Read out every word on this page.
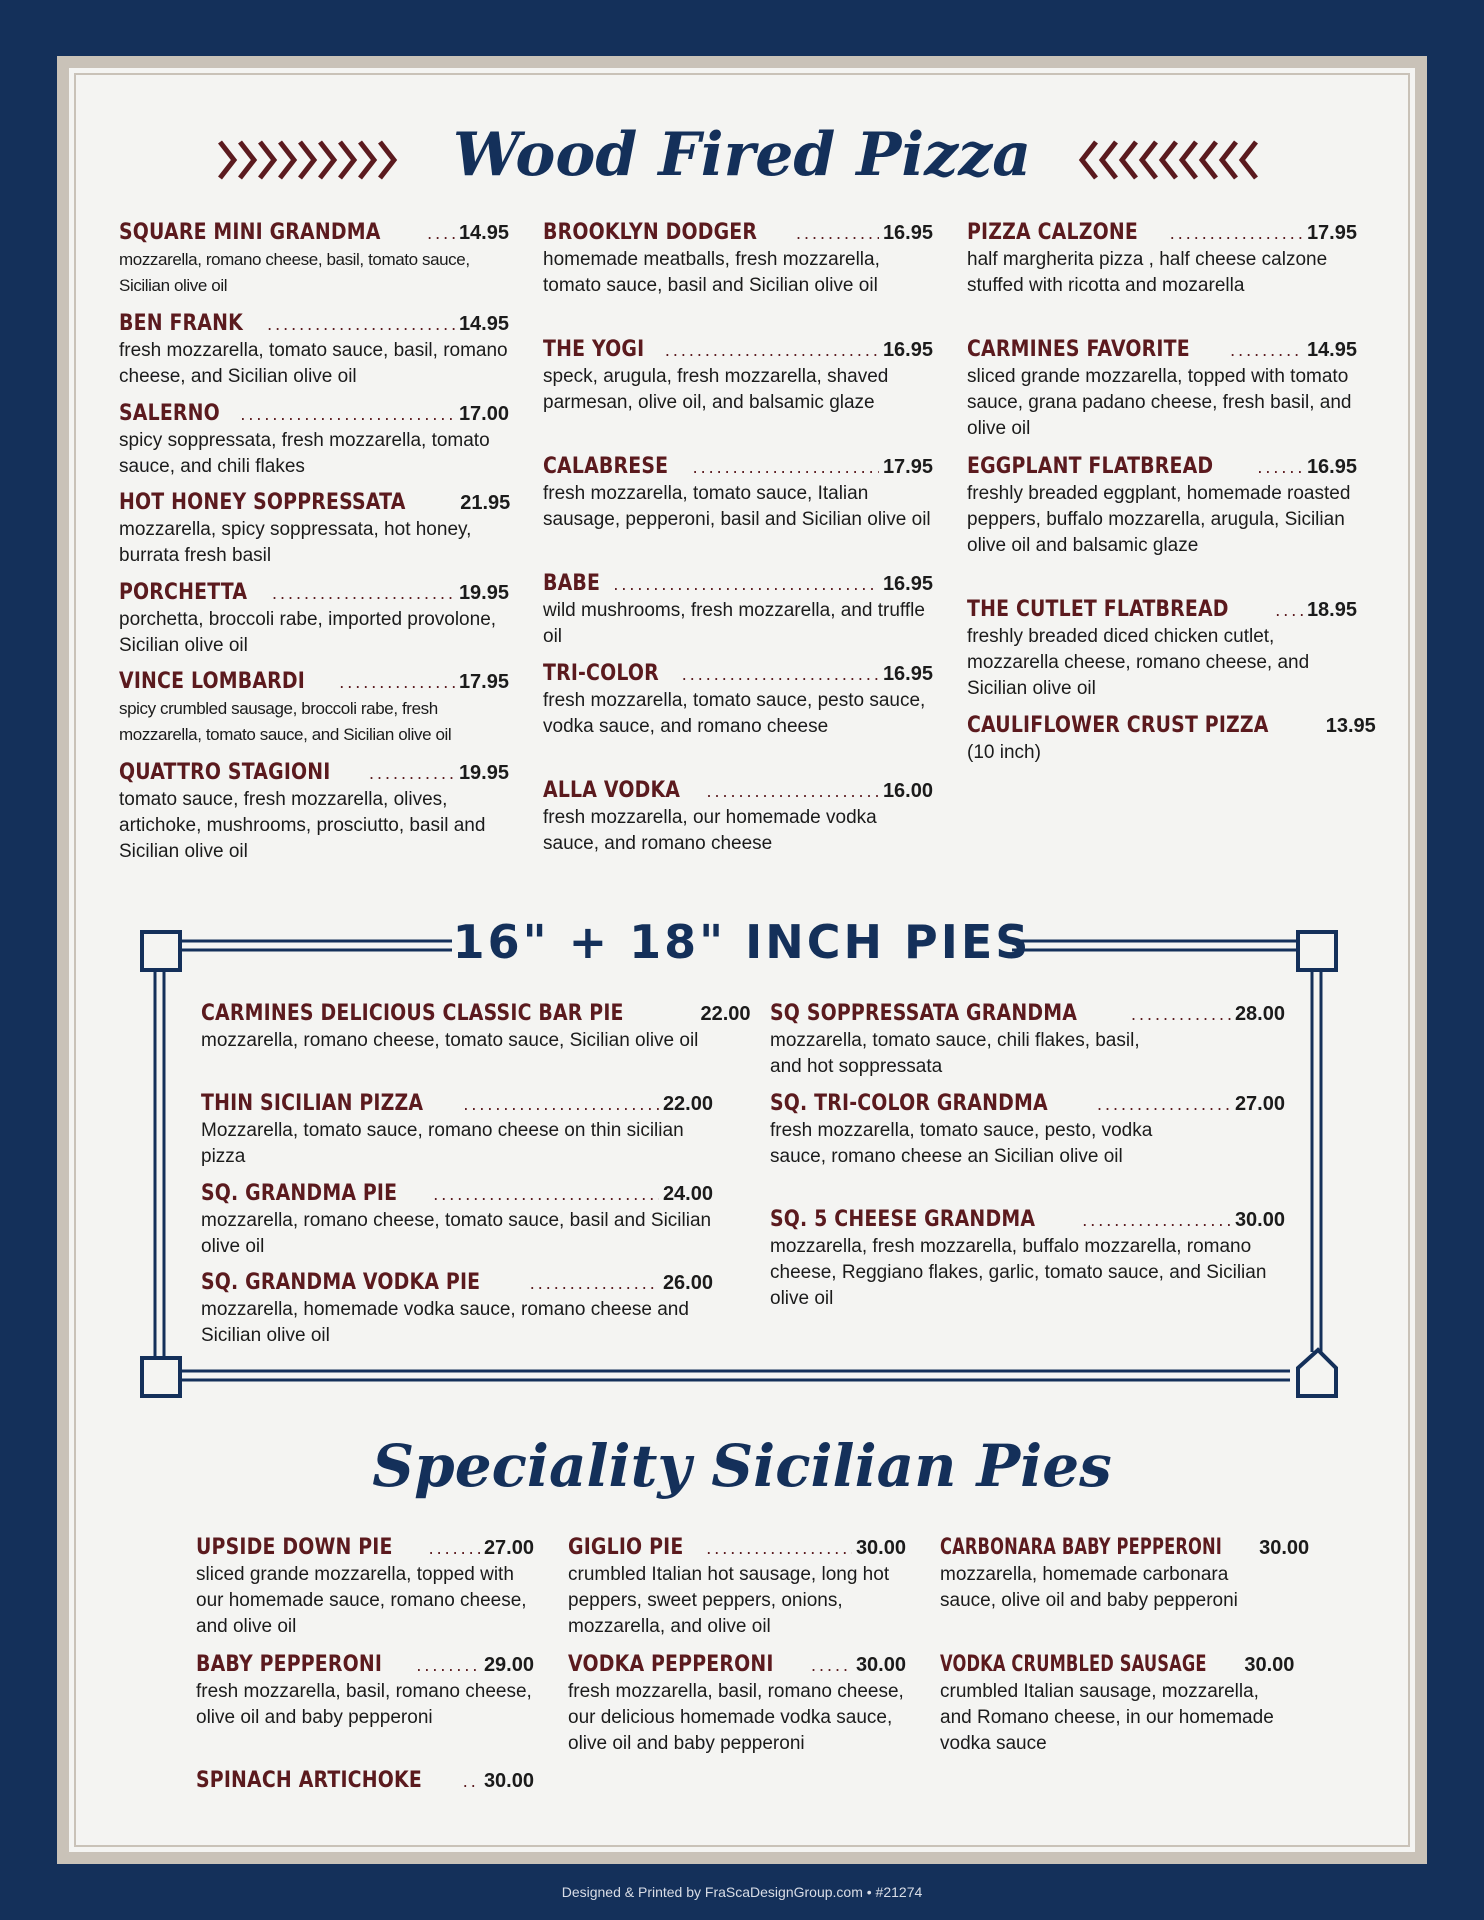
Wood Fired Pizza
SQUARE MINI GRANDMA .....	14.95
mozzarella, romano cheese, basil, tomato sauce, Sicilian olive oil
BEN FRANK .....	14.95
fresh mozzarella, tomato sauce, basil, romano cheese, and Sicilian olive oil
SALERNO .....	17.00
spicy soppressata, fresh mozzarella, tomato sauce, and chili flakes
HOT HONEY SOPPRESSATA	21.95
mozzarella, spicy soppressata, hot honey, burrata fresh basil
PORCHETTA .....	19.95
porchetta, broccoli rabe, imported provolone, Sicilian olive oil
VINCE LOMBARDI .....	17.95
spicy crumbled sausage, broccoli rabe, fresh mozzarella, tomato sauce, and Sicilian olive oil
QUATTRO STAGIONI .....	19.95
tomato sauce, fresh mozzarella, olives, artichoke, mushrooms, prosciutto, basil and Sicilian olive oil
BROOKLYN DODGER .....	16.95
homemade meatballs, fresh mozzarella, tomato sauce, basil and Sicilian olive oil
THE YOGI .....	16.95
speck, arugula, fresh mozzarella, shaved parmesan, olive oil, and balsamic glaze
CALABRESE .....	17.95
fresh mozzarella, tomato sauce, Italian sausage, pepperoni, basil and Sicilian olive oil
BABE .....	16.95
wild mushrooms, fresh mozzarella, and truffle oil
TRI-COLOR .....	16.95
fresh mozzarella, tomato sauce, pesto sauce, vodka sauce, and romano cheese
ALLA VODKA .....	16.00
fresh mozzarella, our homemade vodka sauce, and romano cheese
PIZZA CALZONE .....	17.95
half margherita pizza , half cheese calzone stuffed with ricotta and mozarella
CARMINES FAVORITE .....	14.95
sliced grande mozzarella, topped with tomato sauce, grana padano cheese, fresh basil, and olive oil
EGGPLANT FLATBREAD .....	16.95
freshly breaded eggplant, homemade roasted peppers, buffalo mozzarella, arugula, Sicilian olive oil and balsamic glaze
THE CUTLET FLATBREAD .....	18.95
freshly breaded diced chicken cutlet, mozzarella cheese, romano cheese, and Sicilian olive oil
CAULIFLOWER CRUST PIZZA	13.95
(10 inch)
16" + 18" INCH PIES
CARMINES DELICIOUS CLASSIC BAR PIE	22.00
mozzarella, romano cheese, tomato sauce, Sicilian olive oil
THIN SICILIAN PIZZA .....	22.00
Mozzarella, tomato sauce, romano cheese on thin sicilian pizza
SQ. GRANDMA PIE .....	24.00
mozzarella, romano cheese, tomato sauce, basil and Sicilian olive oil
SQ. GRANDMA VODKA PIE .....	26.00
mozzarella, homemade vodka sauce, romano cheese and Sicilian olive oil
SQ SOPPRESSATA GRANDMA .....	28.00
mozzarella, tomato sauce, chili flakes, basil, and hot soppressata
SQ. TRI-COLOR GRANDMA .....	27.00
fresh mozzarella, tomato sauce, pesto, vodka sauce, romano cheese an Sicilian olive oil
SQ. 5 CHEESE GRANDMA .....	30.00
mozzarella, fresh mozzarella, buffalo mozzarella, romano cheese, Reggiano flakes, garlic, tomato sauce, and Sicilian olive oil
Speciality Sicilian Pies
UPSIDE DOWN PIE .....	27.00
sliced grande mozzarella, topped with our homemade sauce, romano cheese, and olive oil
BABY PEPPERONI .....	29.00
fresh mozzarella, basil, romano cheese, olive oil and baby pepperoni
SPINACH ARTICHOKE .....	30.00
GIGLIO PIE .....	30.00
crumbled Italian hot sausage, long hot peppers, sweet peppers, onions, mozzarella, and olive oil
VODKA PEPPERONI .....	30.00
fresh mozzarella, basil, romano cheese, our delicious homemade vodka sauce, olive oil and baby pepperoni
CARBONARA BABY PEPPERONI 30.00
mozzarella, homemade carbonara sauce, olive oil and baby pepperoni
VODKA CRUMBLED SAUSAGE 30.00
crumbled Italian sausage, mozzarella, and Romano cheese, in our homemade vodka sauce
Designed & Printed by FraScaDesignGroup.com • #21274
